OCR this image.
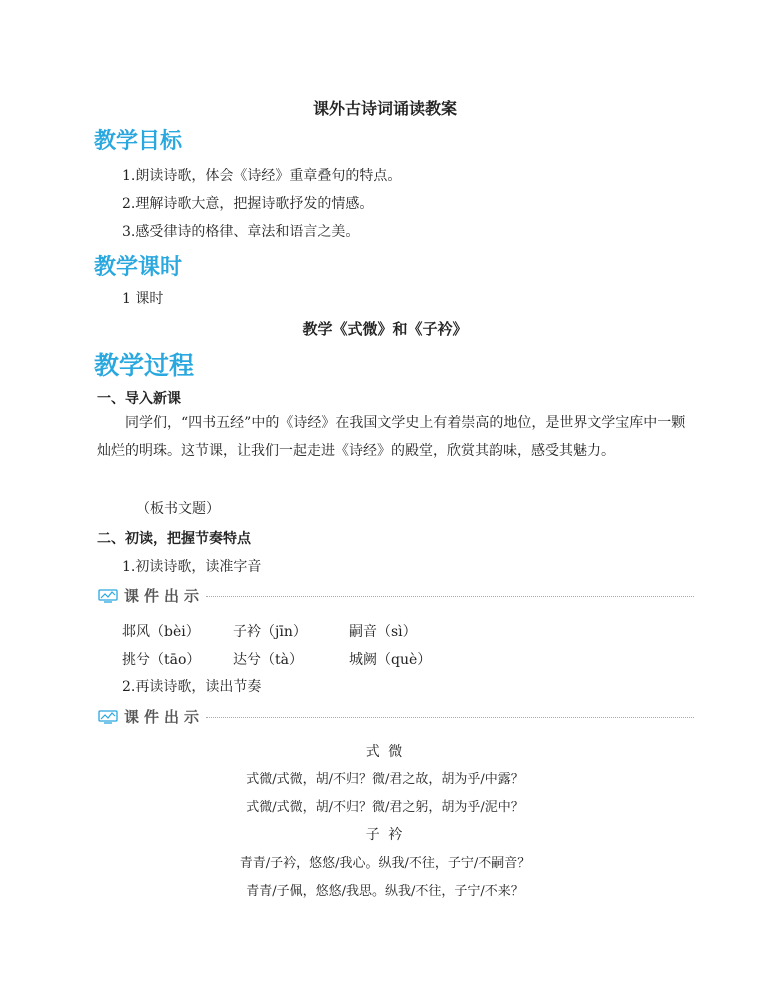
课外古诗词诵读教案
教学目标
1.朗读诗歌，体会《诗经》重章叠句的特点。
2.理解诗歌大意，把握诗歌抒发的情感。
3.感受律诗的格律、章法和语言之美。
教学课时
1 课时
教学《式微》和《子衿》
教学过程
一、导入新课
同学们，“四书五经”中的《诗经》在我国文学史上有着崇高的地位，是世界文学宝库中一颗灿烂的明珠。这节课，让我们一起走进《诗经》的殿堂，欣赏其韵味，感受其魅力。
（板书文题）
二、初读，把握节奏特点
1.初读诗歌，读准字音
课件出示
邶风（bèi） 子衿（jīn）	嗣音（sì）
挑兮（tāo） 达兮（tà）	城阙（què）
2.再读诗歌，读出节奏
课件出示
式 微
式微/式微，胡/不归？微/君之故，胡为乎/中露？
式微/式微，胡/不归？微/君之躬，胡为乎/泥中？
子 衿
青青/子衿，悠悠/我心。纵我/不往，子宁/不嗣音？
青青/子佩，悠悠/我思。纵我/不往，子宁/不来？
